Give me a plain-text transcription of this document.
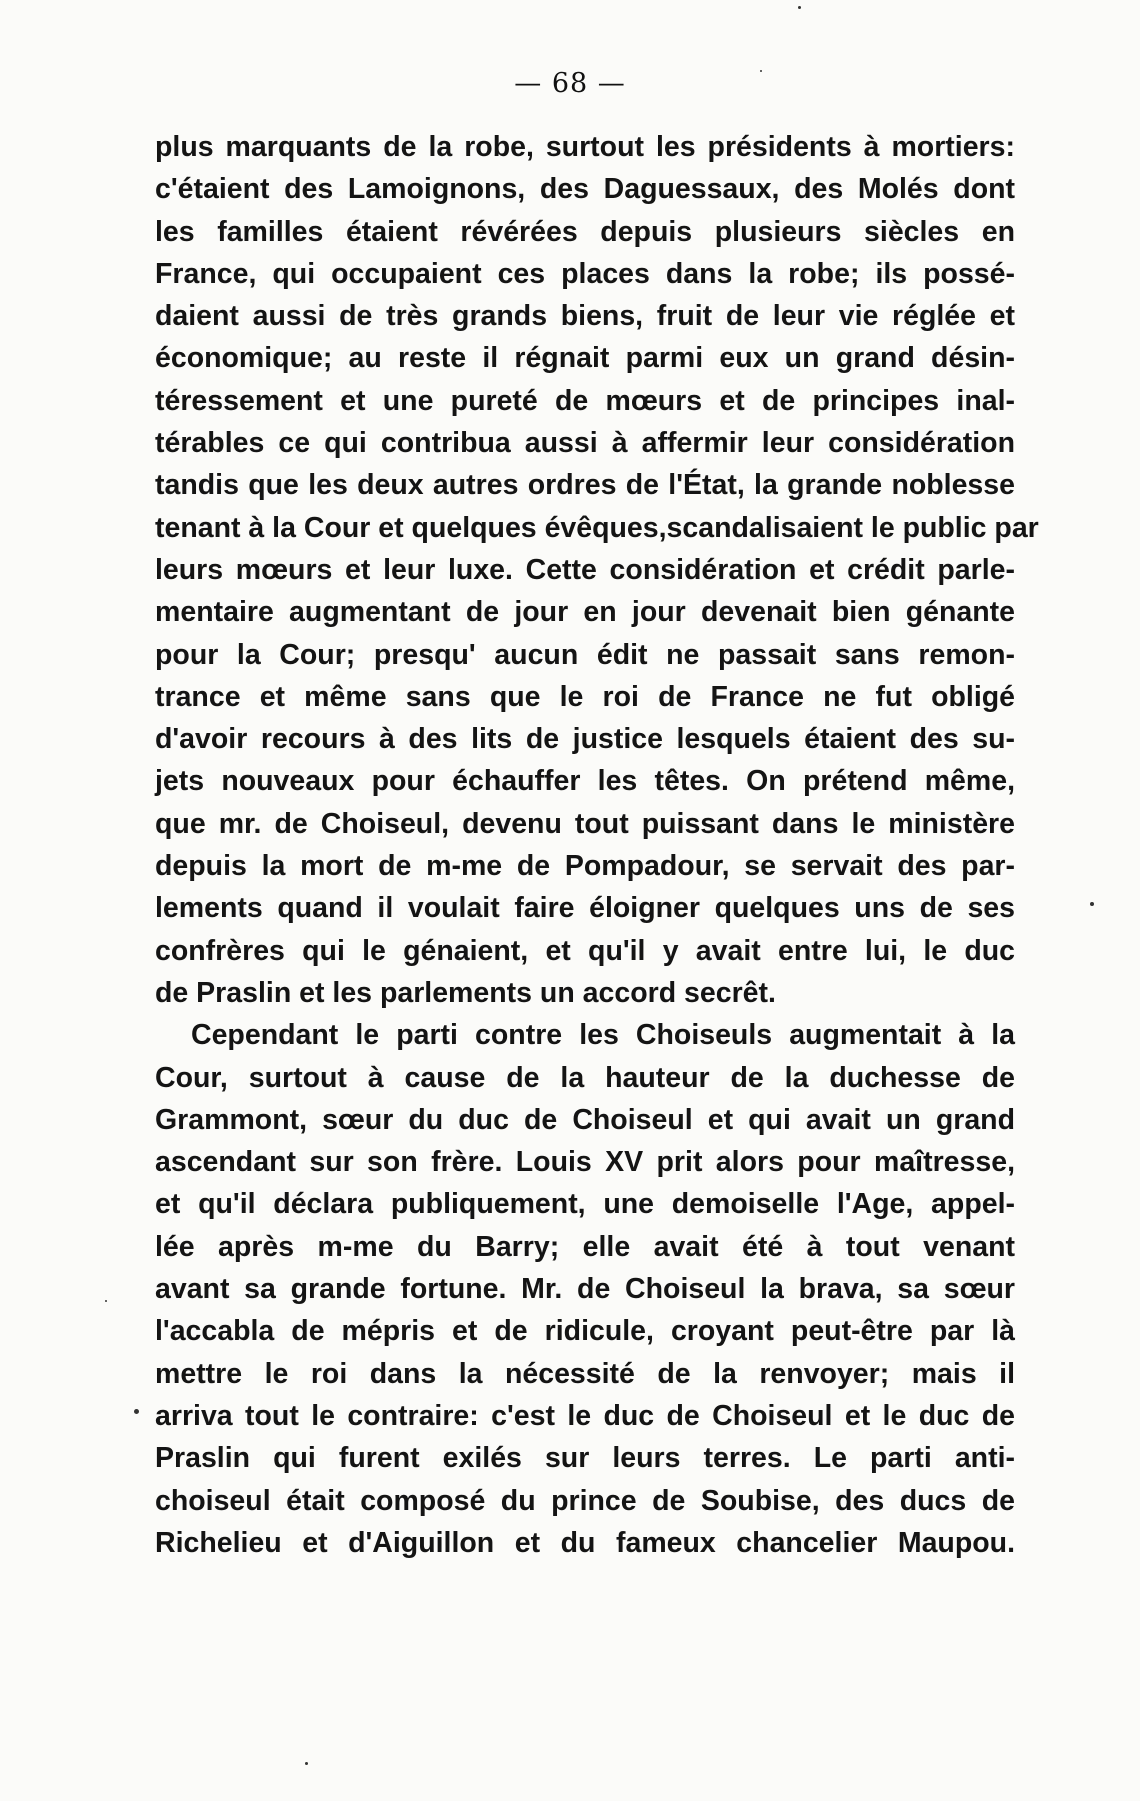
— 68 —
plus marquants de la robe, surtout les présidents à mortiers:
c'étaient des Lamoignons, des Daguessaux, des Molés dont
les familles étaient révérées depuis plusieurs siècles en
France, qui occupaient ces places dans la robe; ils possé-
daient aussi de très grands biens, fruit de leur vie réglée et
économique; au reste il régnait parmi eux un grand désin-
téressement et une pureté de mœurs et de principes inal-
térables ce qui contribua aussi à affermir leur considération
tandis que les deux autres ordres de l'État, la grande noblesse
tenant à la Cour et quelques évêques,scandalisaient le public par
leurs mœurs et leur luxe. Cette considération et crédit parle-
mentaire augmentant de jour en jour devenait bien génante
pour la Cour; presqu' aucun édit ne passait sans remon-
trance et même sans que le roi de France ne fut obligé
d'avoir recours à des lits de justice lesquels étaient des su-
jets nouveaux pour échauffer les têtes. On prétend même,
que mr. de Choiseul, devenu tout puissant dans le ministère
depuis la mort de m-me de Pompadour, se servait des par-
lements quand il voulait faire éloigner quelques uns de ses
confrères qui le génaient, et qu'il y avait entre lui, le duc
de Praslin et les parlements un accord secrêt.
Cependant le parti contre les Choiseuls augmentait à la
Cour, surtout à cause de la hauteur de la duchesse de
Grammont, sœur du duc de Choiseul et qui avait un grand
ascendant sur son frère. Louis XV prit alors pour maîtresse,
et qu'il déclara publiquement, une demoiselle l'Age, appel-
lée après m-me du Barry; elle avait été à tout venant
avant sa grande fortune. Mr. de Choiseul la brava, sa sœur
l'accabla de mépris et de ridicule, croyant peut-être par là
mettre le roi dans la nécessité de la renvoyer; mais il
arriva tout le contraire: c'est le duc de Choiseul et le duc de
Praslin qui furent exilés sur leurs terres. Le parti anti-
choiseul était composé du prince de Soubise, des ducs de
Richelieu et d'Aiguillon et du fameux chancelier Maupou.
